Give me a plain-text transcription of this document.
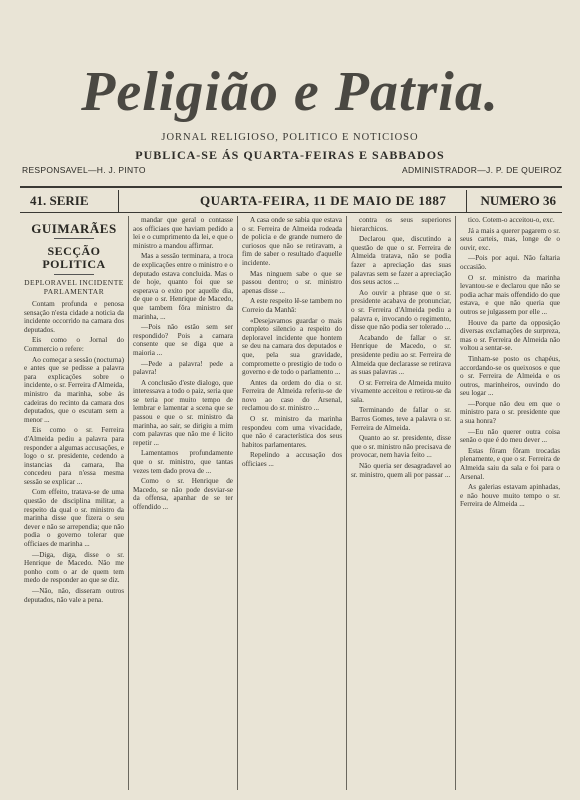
Peligião e Patria.
JORNAL RELIGIOSO, POLITICO E NOTICIOSO
PUBLICA-SE ÁS QUARTA-FEIRAS E SABBADOS
RESPONSAVEL—H. J. PINTO	ADMINISTRADOR—J. P. DE QUEIROZ
41. SERIE	QUARTA-FEIRA, 11 DE MAIO DE 1887	NUMERO 36
GUIMARÃES
SECÇÃO POLITICA
DEPLORAVEL INCIDENTE PARLAMENTAR

Contam profunda e penosa sensação n'esta cidade a noticia da incidente occorrido na camara dos deputados.

Eis como o Jornal do Commercio o refere:

Ao começar a sessão (nocturna) e antes que se pedisse a palavra para explicações sobre o incidente, o sr. Ferreira d'Almeida, ministro da marinha, sobe ás cadeiras do recinto da camara dos deputados, que o escutam sem a menor ...

Eis como o sr. Ferreira d'Almeida pediu a palavra para responder a algumas accusações, e logo o sr. presidente, cedendo a instancias da camara, lha concedeu para n'essa mesma sessão se explicar ...

Com effeito, tratava-se de uma questão de disciplina militar, a respeito da qual o sr. ministro da marinha disse que fizera o seu dever e não se arrependia; que não podia o governo tolerar que officiaes de marinha ...

—Diga, diga, disse o sr. Henrique de Macedo. Não me ponho com o ar de quem tem medo de responder ao que se diz.

—Não, não, disseram outros deputados, não vale a pena.

mandar que geral o contasse aos officiaes que haviam pedido a lei e o cumprimento da lei, e que o ministro a mandou affirmar.

Mas a sessão terminara, a troca de explicações entre o ministro e o deputado estava concluida. Mas o de hoje, quanto foi que se esperava o exito por aquelle dia, de que o sr. Henrique de Macedo, que tambem fôra ministro da marinha, ...

—Pois não estão sem ser respondido? Pois a camara consente que se diga que a maioria ...

—Pede a palavra! pede a palavra!

A conclusão d'este dialogo, que interessava a todo o paiz, seria que se teria por muito tempo de lembrar e lamentar a scena que se passou e que o sr. ministro da marinha, ao sair, se dirigiu a mim com palavras que não me é licito repetir ...

Lamentamos profundamente que o sr. ministro, que tantas vezes tem dado prova de ...

Como o sr. Henrique de Macedo, se não pode desviar-se da offensa, apanhar de se ter offendido ...

A casa onde se sabia que estava o sr. Ferreira de Almeida rodeada de policia e de grande numero de curiosos que não se retiravam, a fim de saber o resultado d'aquelle incidente.

Mas ninguem sabe o que se passou dentro; o sr. ministro apenas disse ...

A este respeito lê-se tambem no Correio da Manhã:

«Desejavamos guardar o mais completo silencio a respeito do deploravel incidente que hontem se deu na camara dos deputados e que, pela sua gravidade, compromette o prestigio de todo o governo e de todo o parlamento ...

Antes da ordem do dia o sr. Ferreira de Almeida referiu-se de novo ao caso do Arsenal, reclamou do sr. ministro ...

O sr. ministro da marinha respondeu com uma vivacidade, que não é característica dos seus habitos parlamentares.

Repelindo a accusação dos officiaes ...

contra os seus superiores hierarchicos.

Declarou que, discutindo a questão de que o sr. Ferreira de Almeida tratava, não se podia fazer a apreciação das suas palavras sem se fazer a apreciação dos seus actos ...

Ao ouvir a phrase que o sr. presidente acabava de pronunciar, o sr. Ferreira d'Almeida pediu a palavra e, invocando o regimento, disse que não podia ser tolerado ...

Acabando de fallar o sr. Henrique de Macedo, o sr. presidente pediu ao sr. Ferreira de Almeida que declarasse se retirava as suas palavras ...

O sr. Ferreira de Almeida muito vivamente acceitou e retirou-se da sala.

Terminando de fallar o sr. Barros Gomes, teve a palavra o sr. Ferreira de Almeida.

Quanto ao sr. presidente, disse que o sr. ministro não precisava de provocar, nem havia feito ...

Não queria ser desagradavel ao sr. ministro, quem ali por passar ...

tico. Cotem-o acceitou-o, exc.

Já a mais a querer pagarem o sr. seus carteis, mas, longe de o ouvir, exc.

—Pois por aqui. Não faltaria occasião.

O sr. ministro da marinha levantou-se e declarou que não se podia achar mais offendido do que estava, e que não queria que outros se julgassem por elle ...

Houve da parte da opposição diversas exclamações de surpreza, mas o sr. Ferreira de Almeida não voltou a sentar-se.

Tinham-se posto os chapéus, accordando-se os queixosos e que o sr. Ferreira de Almeida e os outros, marinheiros, ouvindo do seu logar ...

—Porque não deu em que o ministro para o sr. presidente que a sua honra?

—Eu não querer outra coisa senão o que é do meu dever ...

Estas fôram fôram trocadas plenamente, e que o sr. Ferreira de Almeida saiu da sala e foi para o Arsenal.

As galerias estavam apinhadas, e não houve muito tempo o sr. Ferreira de Almeida ...
